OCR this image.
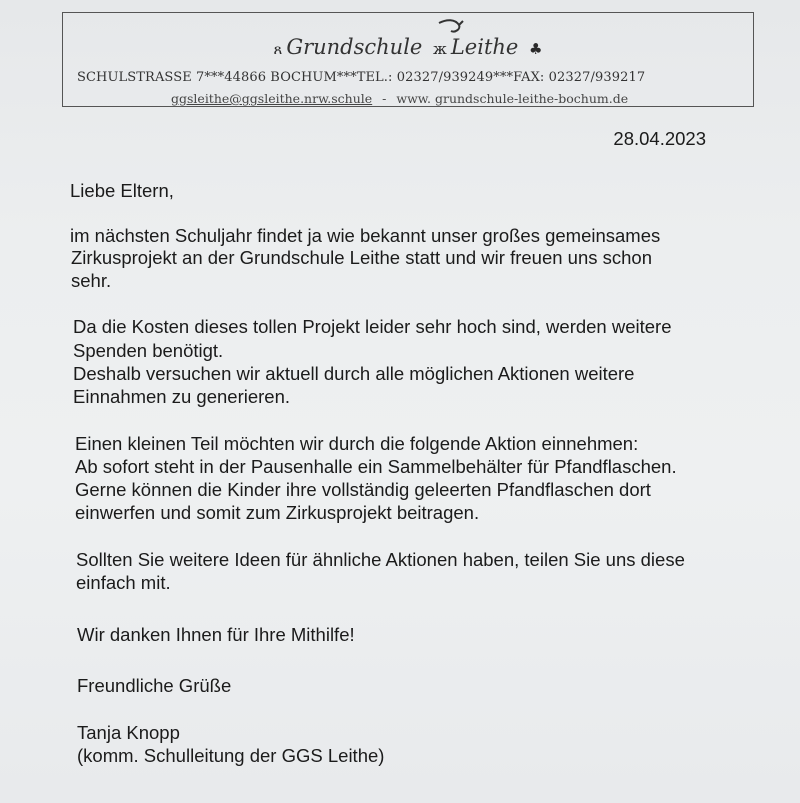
ጸ Grundschule ж Leithe ♣
SCHULSTRASSE 7***44866 BOCHUM***TEL.: 02327/939249***FAX: 02327/939217
ggsleithe@ggsleithe.nrw.schule - www. grundschule-leithe-bochum.de
28.04.2023
Liebe Eltern,
im nächsten Schuljahr findet ja wie bekannt unser großes gemeinsames
Zirkusprojekt an der Grundschule Leithe statt und wir freuen uns schon
sehr.
Da die Kosten dieses tollen Projekt leider sehr hoch sind, werden weitere
Spenden benötigt.
Deshalb versuchen wir aktuell durch alle möglichen Aktionen weitere
Einnahmen zu generieren.
Einen kleinen Teil möchten wir durch die folgende Aktion einnehmen:
Ab sofort steht in der Pausenhalle ein Sammelbehälter für Pfandflaschen.
Gerne können die Kinder ihre vollständig geleerten Pfandflaschen dort
einwerfen und somit zum Zirkusprojekt beitragen.
Sollten Sie weitere Ideen für ähnliche Aktionen haben, teilen Sie uns diese
einfach mit.
Wir danken Ihnen für Ihre Mithilfe!
Freundliche Grüße
Tanja Knopp
(komm. Schulleitung der GGS Leithe)
